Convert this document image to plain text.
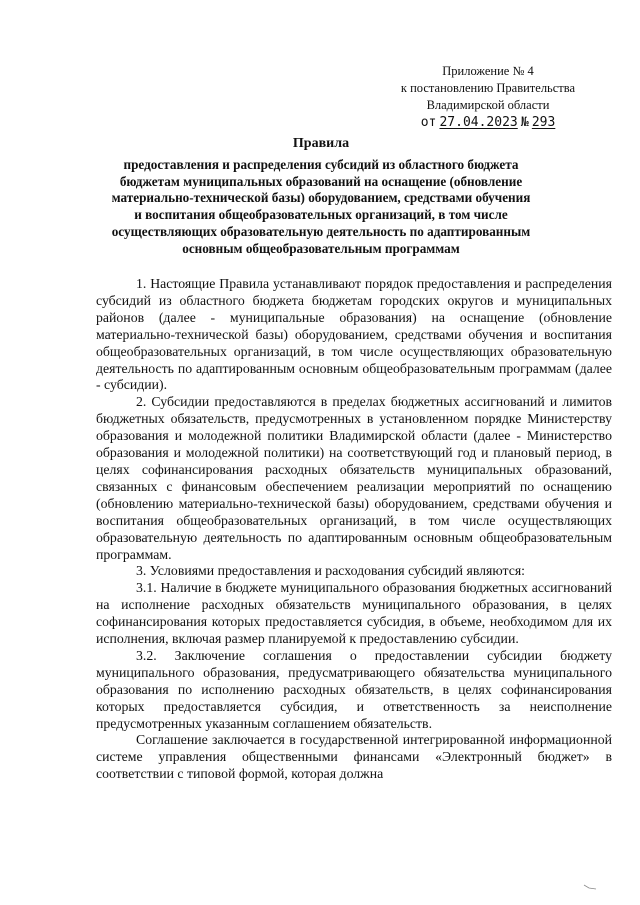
Приложение № 4
к постановлению Правительства
Владимирской области
от 27.04.2023 № 293
Правила
предоставления и распределения субсидий из областного бюджета
бюджетам муниципальных образований на оснащение (обновление
материально-технической базы) оборудованием, средствами обучения
и воспитания общеобразовательных организаций, в том числе
осуществляющих образовательную деятельность по адаптированным
основным общеобразовательным программам

1. Настоящие Правила устанавливают порядок предоставления и распределения субсидий из областного бюджета бюджетам городских округов и муниципальных районов (далее - муниципальные образования) на оснащение (обновление материально-технической базы) оборудованием, средствами обучения и воспитания общеобразовательных организаций, в том числе осуществляющих образовательную деятельность по адаптированным основным общеобразовательным программам (далее - субсидии).

2. Субсидии предоставляются в пределах бюджетных ассигнований и лимитов бюджетных обязательств, предусмотренных в установленном порядке Министерству образования и молодежной политики Владимирской области (далее - Министерство образования и молодежной политики) на соответствующий год и плановый период, в целях софинансирования расходных обязательств муниципальных образований, связанных с финансовым обеспечением реализации мероприятий по оснащению (обновлению материально-технической базы) оборудованием, средствами обучения и воспитания общеобразовательных организаций, в том числе осуществляющих образовательную деятельность по адаптированным основным общеобразовательным программам.

3. Условиями предоставления и расходования субсидий являются:

3.1. Наличие в бюджете муниципального образования бюджетных ассигнований на исполнение расходных обязательств муниципального образования, в целях софинансирования которых предоставляется субсидия, в объеме, необходимом для их исполнения, включая размер планируемой к предоставлению субсидии.

3.2. Заключение соглашения о предоставлении субсидии бюджету муниципального образования, предусматривающего обязательства муниципального образования по исполнению расходных обязательств, в целях софинансирования которых предоставляется субсидия, и ответственность за неисполнение предусмотренных указанным соглашением обязательств.

Соглашение заключается в государственной интегрированной информационной системе управления общественными финансами «Электронный бюджет» в соответствии с типовой формой, которая должна
